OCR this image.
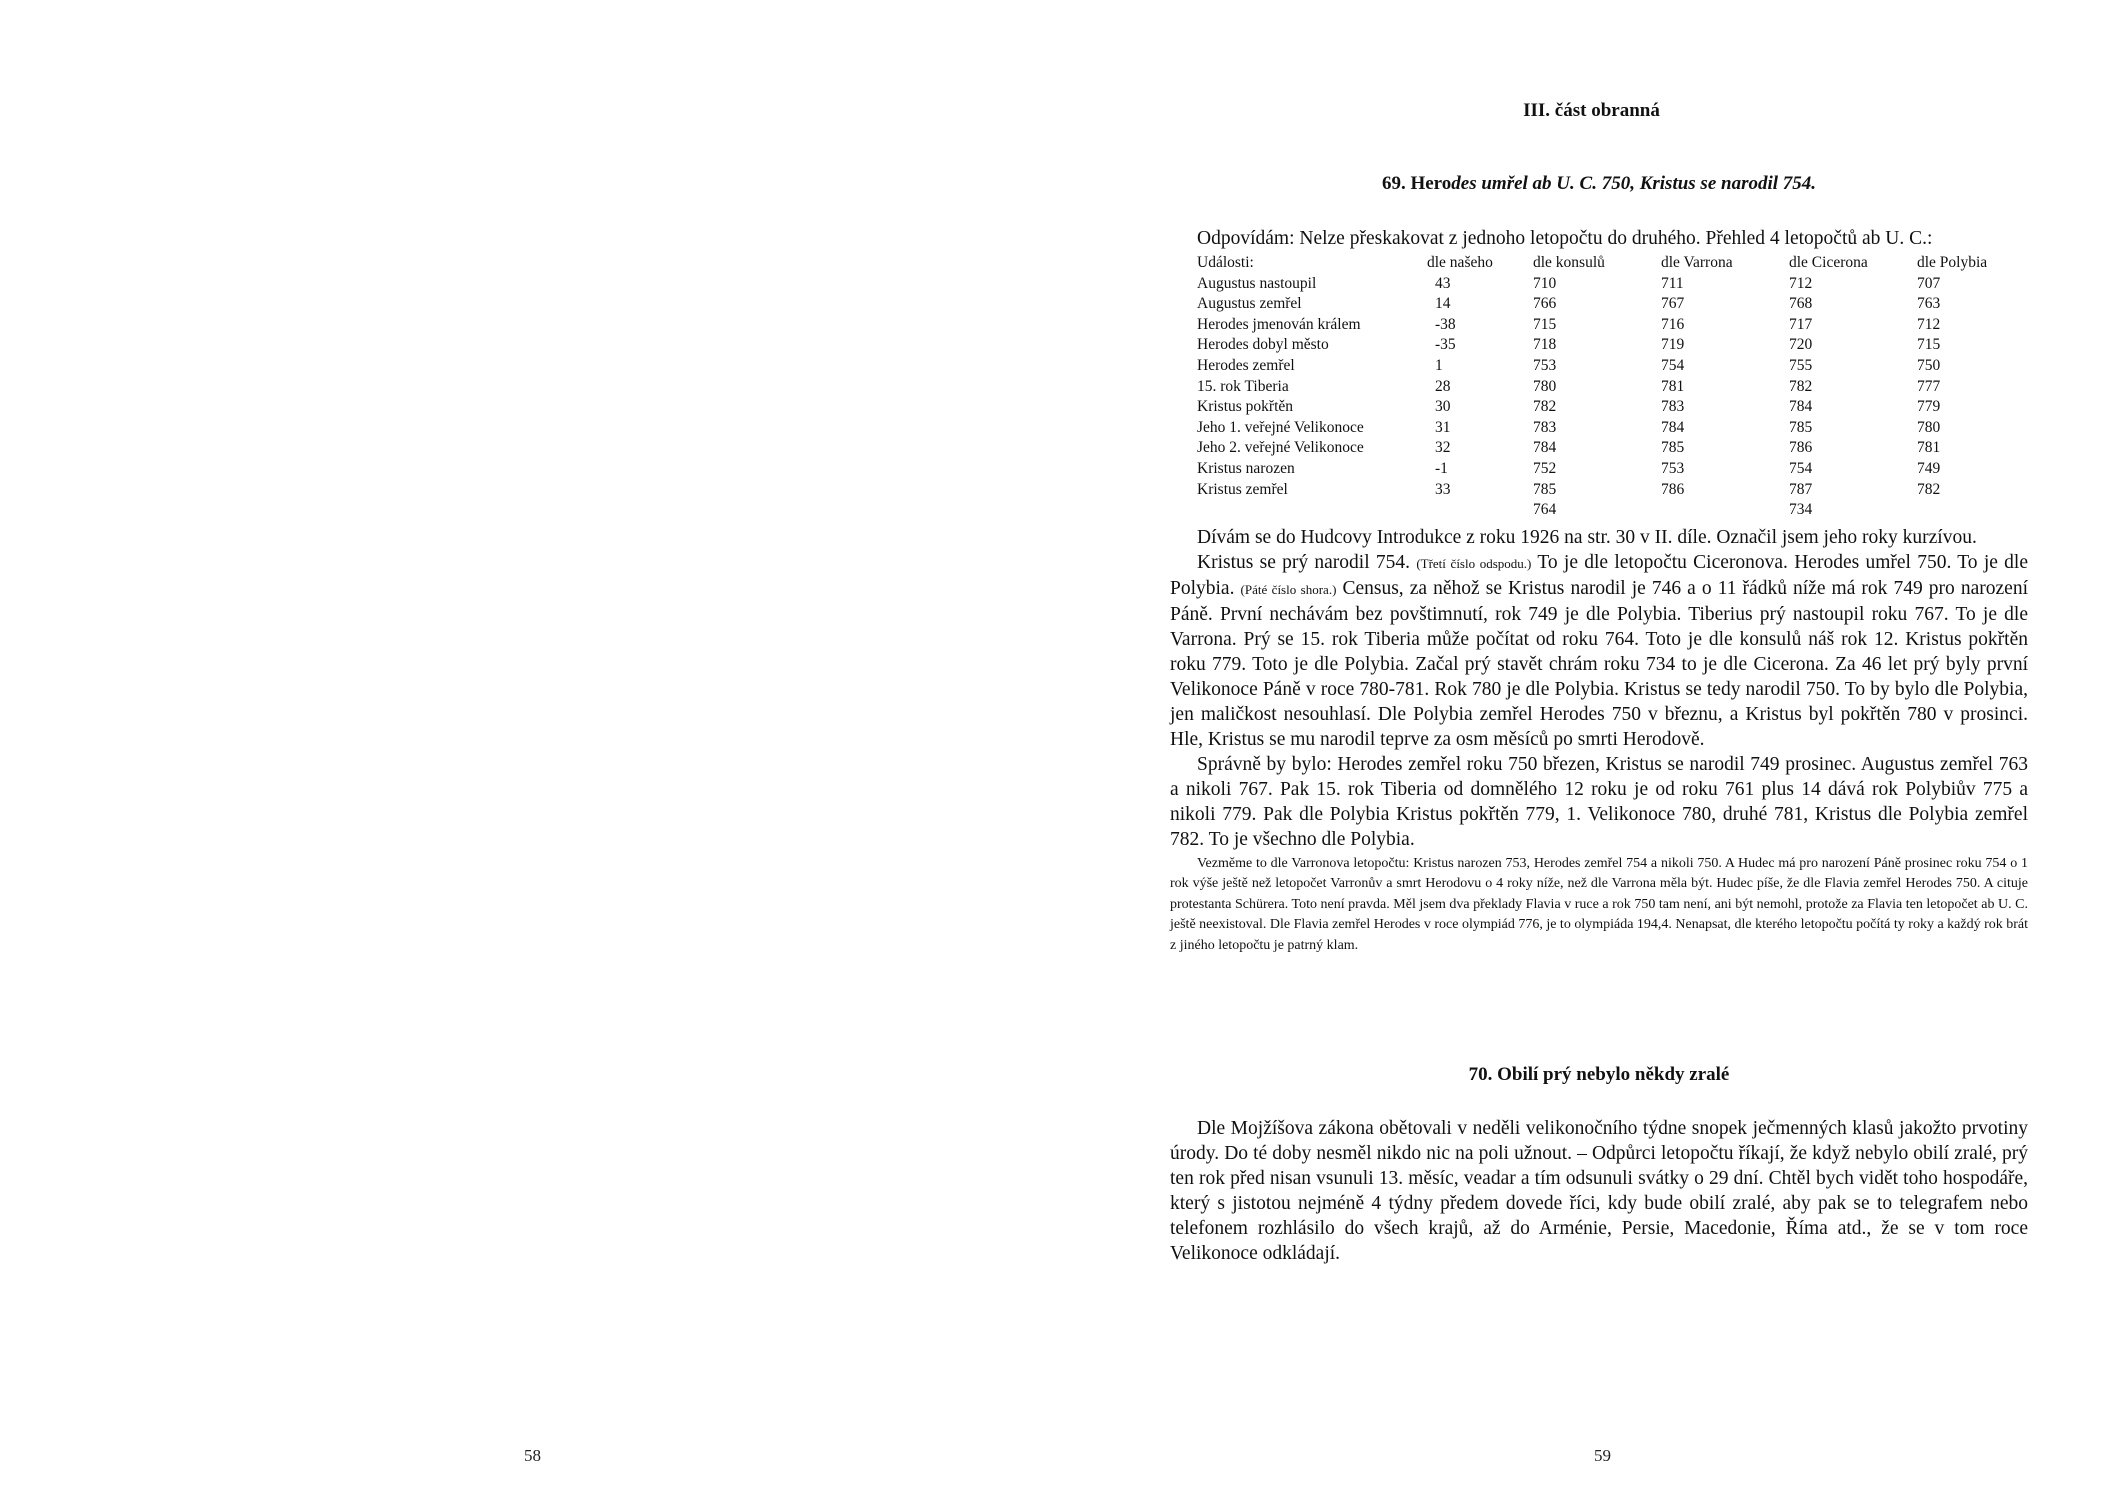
58
III. část obranná
69. Herodes umřel ab U. C. 750, Kristus se narodil 754.

Odpovídám: Nelze přeskakovat z jednoho letopočtu do druhého. Přehled 4 letopočtů ab U. C.:

Události:	dle našeho	dle konsulů	dle Varrona	dle Cicerona	dle Polybia
Augustus nastoupil	43	710	711	712	707
Augustus zemřel	14	766	767	768	763
Herodes jmenován králem	-38	715	716	717	712
Herodes dobyl město	-35	718	719	720	715
Herodes zemřel	1	753	754	755	750
15. rok Tiberia	28	780	781	782	777
Kristus pokřtěn	30	782	783	784	779
Jeho 1. veřejné Velikonoce	31	783	784	785	780
Jeho 2. veřejné Velikonoce	32	784	785	786	781
Kristus narozen	-1	752	753	754	749
Kristus zemřel	33	785	786	787	782
		764		734	

Dívám se do Hudcovy Introdukce z roku 1926 na str. 30 v II. díle. Označil jsem jeho roky kurzívou.

Kristus se prý narodil 754. (Třetí číslo odspodu.) To je dle letopočtu Ciceronova. Herodes umřel 750. To je dle Polybia. (Páté číslo shora.) Census, za něhož se Kristus narodil je 746 a o 11 řádků níže má rok 749 pro narození Páně. První nechávám bez povštimnutí, rok 749 je dle Polybia. Tiberius prý nastoupil roku 767. To je dle Varrona. Prý se 15. rok Tiberia může počítat od roku 764. Toto je dle konsulů náš rok 12. Kristus pokřtěn roku 779. Toto je dle Polybia. Začal prý stavět chrám roku 734 to je dle Cicerona. Za 46 let prý byly první Velikonoce Páně v roce 780-781. Rok 780 je dle Polybia. Kristus se tedy narodil 750. To by bylo dle Polybia, jen maličkost nesouhlasí. Dle Polybia zemřel Herodes 750 v březnu, a Kristus byl pokřtěn 780 v prosinci. Hle, Kristus se mu narodil teprve za osm měsíců po smrti Herodově.

Správně by bylo: Herodes zemřel roku 750 březen, Kristus se narodil 749 prosinec. Augustus zemřel 763 a nikoli 767. Pak 15. rok Tiberia od domnělého 12 roku je od roku 761 plus 14 dává rok Polybiův 775 a nikoli 779. Pak dle Polybia Kristus pokřtěn 779, 1. Velikonoce 780, druhé 781, Kristus dle Polybia zemřel 782. To je všechno dle Polybia.

Vezměme to dle Varronova letopočtu: Kristus narozen 753, Herodes zemřel 754 a nikoli 750. A Hudec má pro narození Páně prosinec roku 754 o 1 rok výše ještě než letopočet Varronův a smrt Herodovu o 4 roky níže, než dle Varrona měla být. Hudec píše, že dle Flavia zemřel Herodes 750. A cituje protestanta Schürera. Toto není pravda. Měl jsem dva překlady Flavia v ruce a rok 750 tam není, ani být nemohl, protože za Flavia ten letopočet ab U. C. ještě neexistoval. Dle Flavia zemřel Herodes v roce olympiád 776, je to olympiáda 194,4. Nenapsat, dle kterého letopočtu počítá ty roky a každý rok brát z jiného letopočtu je patrný klam.

70. Obilí prý nebylo někdy zralé

Dle Mojžíšova zákona obětovali v neděli velikonočního týdne snopek ječmenných klasů jakožto prvotiny úrody. Do té doby nesměl nikdo nic na poli užnout. – Odpůrci letopočtu říkají, že když nebylo obilí zralé, prý ten rok před nisan vsunuli 13. měsíc, veadar a tím odsunuli svátky o 29 dní. Chtěl bych vidět toho hospodáře, který s jistotou nejméně 4 týdny předem dovede říci, kdy bude obilí zralé, aby pak se to telegrafem nebo telefonem rozhlásilo do všech krajů, až do Arménie, Persie, Macedonie, Říma atd., že se v tom roce Velikonoce odkládají.

59
